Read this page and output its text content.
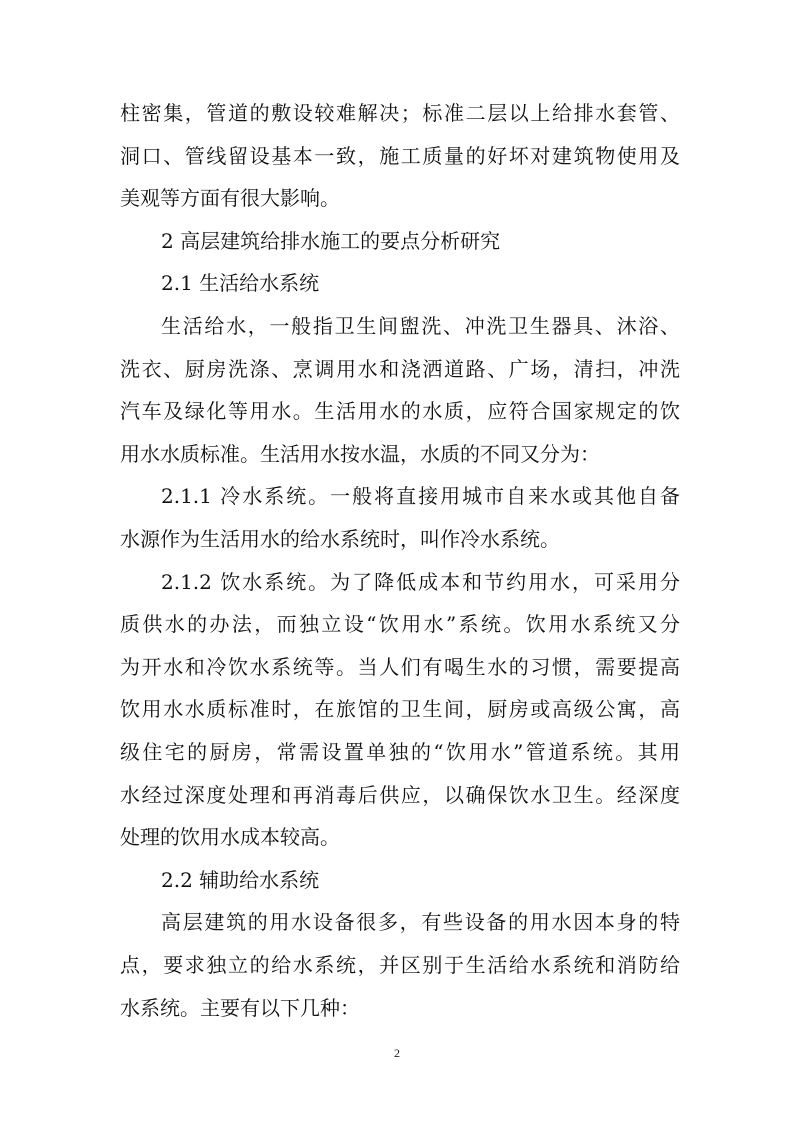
柱密集，管道的敷设较难解决；标准二层以上给排水套管、
洞口、管线留设基本一致，施工质量的好坏对建筑物使用及
美观等方面有很大影响。
2 高层建筑给排水施工的要点分析研究
2.1 生活给水系统
生活给水，一般指卫生间盥洗、冲洗卫生器具、沐浴、
洗衣、厨房洗涤、烹调用水和浇洒道路、广场，清扫，冲洗
汽车及绿化等用水。生活用水的水质，应符合国家规定的饮
用水水质标准。生活用水按水温，水质的不同又分为：
2.1.1 冷水系统。一般将直接用城市自来水或其他自备
水源作为生活用水的给水系统时，叫作冷水系统。
2.1.2 饮水系统。为了降低成本和节约用水，可采用分
质供水的办法，而独立设“饮用水”系统。饮用水系统又分
为开水和冷饮水系统等。当人们有喝生水的习惯，需要提高
饮用水水质标准时，在旅馆的卫生间，厨房或高级公寓，高
级住宅的厨房，常需设置单独的“饮用水”管道系统。其用
水经过深度处理和再消毒后供应，以确保饮水卫生。经深度
处理的饮用水成本较高。
2.2 辅助给水系统
高层建筑的用水设备很多，有些设备的用水因本身的特
点，要求独立的给水系统，并区别于生活给水系统和消防给
水系统。主要有以下几种：
2
